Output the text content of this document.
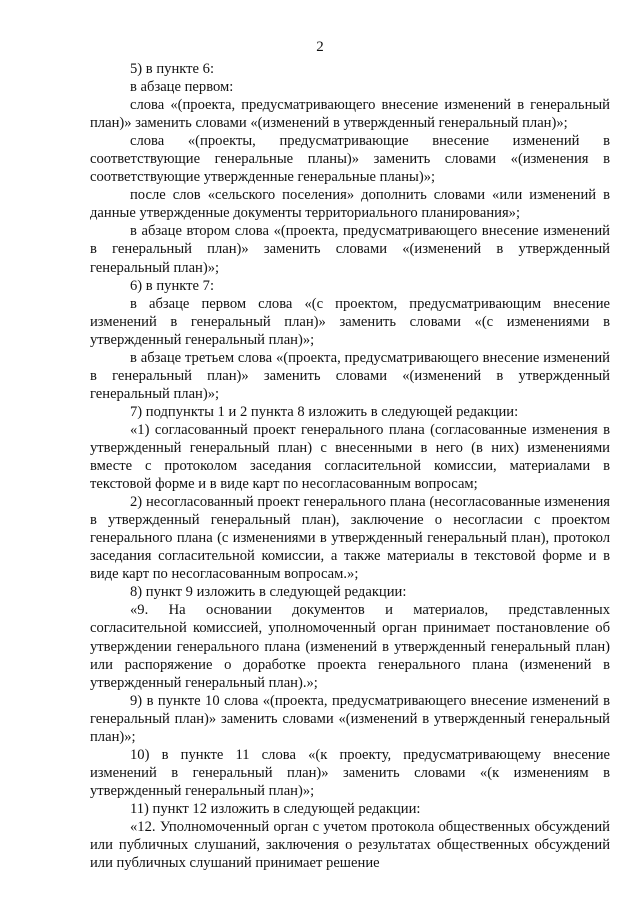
2

5) в пункте 6:

в абзаце первом:

слова «(проекта, предусматривающего внесение изменений в генеральный план)» заменить словами «(изменений в утвержденный генеральный план)»;

слова «(проекты, предусматривающие внесение изменений в соответствующие генеральные планы)» заменить словами «(изменения в соответствующие утвержденные генеральные планы)»;

после слов «сельского поселения» дополнить словами «или изменений в данные утвержденные документы территориального планирования»;

в абзаце втором слова «(проекта, предусматривающего внесение изменений в генеральный план)» заменить словами «(изменений в утвержденный генеральный план)»;

6) в пункте 7:

в абзаце первом слова «(с проектом, предусматривающим внесение изменений в генеральный план)» заменить словами «(с изменениями в утвержденный генеральный план)»;

в абзаце третьем слова «(проекта, предусматривающего внесение изменений в генеральный план)» заменить словами «(изменений в утвержденный генеральный план)»;

7) подпункты 1 и 2 пункта 8 изложить в следующей редакции:

«1) согласованный проект генерального плана (согласованные изменения в утвержденный генеральный план) с внесенными в него (в них) изменениями вместе с протоколом заседания согласительной комиссии, материалами в текстовой форме и в виде карт по несогласованным вопросам;

2) несогласованный проект генерального плана (несогласованные изменения в утвержденный генеральный план), заключение о несогласии с проектом генерального плана (с изменениями в утвержденный генеральный план), протокол заседания согласительной комиссии, а также материалы в текстовой форме и в виде карт по несогласованным вопросам.»;

8) пункт 9 изложить в следующей редакции:

«9. На основании документов и материалов, представленных согласительной комиссией, уполномоченный орган принимает постановление об утверждении генерального плана (изменений в утвержденный генеральный план) или распоряжение о доработке проекта генерального плана (изменений в утвержденный генеральный план).»;

9) в пункте 10 слова «(проекта, предусматривающего внесение изменений в генеральный план)» заменить словами «(изменений в утвержденный генеральный план)»;

10) в пункте 11 слова «(к проекту, предусматривающему внесение изменений в генеральный план)» заменить словами «(к изменениям в утвержденный генеральный план)»;

11) пункт 12 изложить в следующей редакции:

«12. Уполномоченный орган с учетом протокола общественных обсуждений или публичных слушаний, заключения о результатах общественных обсуждений или публичных слушаний принимает решение
